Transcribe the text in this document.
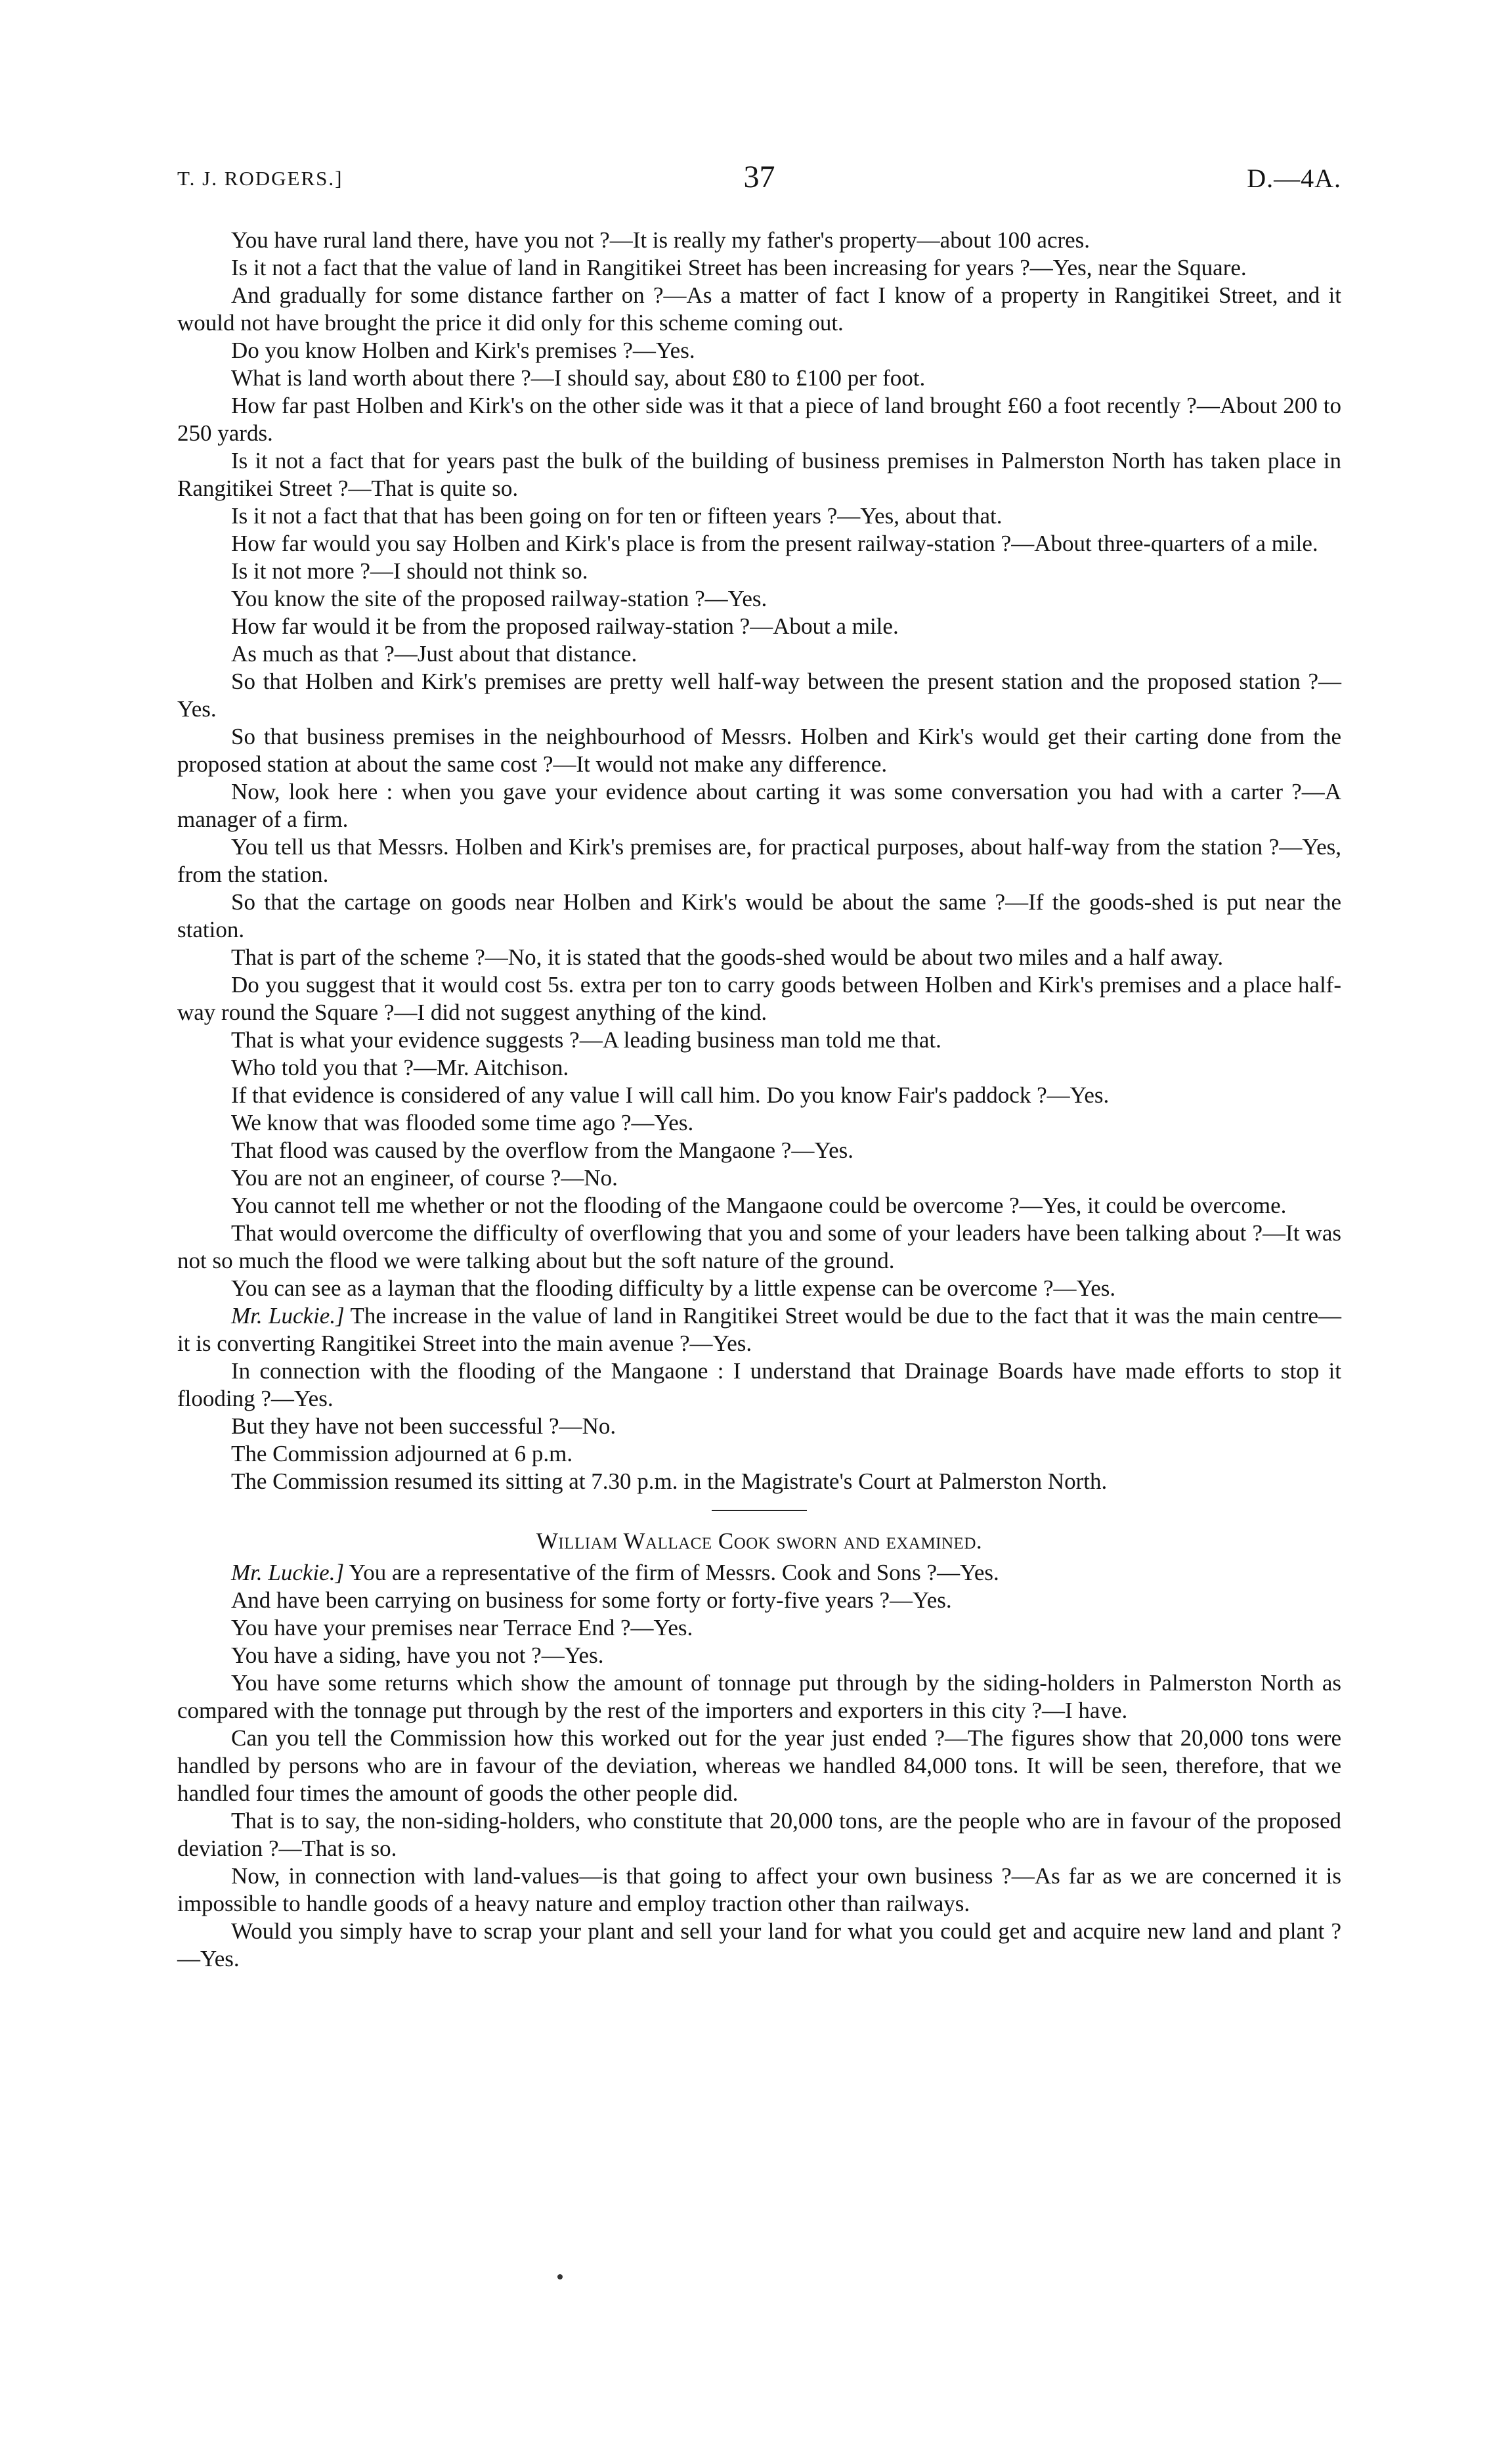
T. J. RODGERS.]	37	D.—4A.

You have rural land there, have you not ?—It is really my father's property—about 100 acres.

Is it not a fact that the value of land in Rangitikei Street has been increasing for years ?—Yes, near the Square.

And gradually for some distance farther on ?—As a matter of fact I know of a property in Rangitikei Street, and it would not have brought the price it did only for this scheme coming out.

Do you know Holben and Kirk's premises ?—Yes.

What is land worth about there ?—I should say, about £80 to £100 per foot.

How far past Holben and Kirk's on the other side was it that a piece of land brought £60 a foot recently ?—About 200 to 250 yards.

Is it not a fact that for years past the bulk of the building of business premises in Palmerston North has taken place in Rangitikei Street ?—That is quite so.

Is it not a fact that that has been going on for ten or fifteen years ?—Yes, about that.

How far would you say Holben and Kirk's place is from the present railway-station ?—About three-quarters of a mile.

Is it not more ?—I should not think so.

You know the site of the proposed railway-station ?—Yes.

How far would it be from the proposed railway-station ?—About a mile.

As much as that ?—Just about that distance.

So that Holben and Kirk's premises are pretty well half-way between the present station and the proposed station ?—Yes.

So that business premises in the neighbourhood of Messrs. Holben and Kirk's would get their carting done from the proposed station at about the same cost ?—It would not make any difference.

Now, look here : when you gave your evidence about carting it was some conversation you had with a carter ?—A manager of a firm.

You tell us that Messrs. Holben and Kirk's premises are, for practical purposes, about half-way from the station ?—Yes, from the station.

So that the cartage on goods near Holben and Kirk's would be about the same ?—If the goods-shed is put near the station.

That is part of the scheme ?—No, it is stated that the goods-shed would be about two miles and a half away.

Do you suggest that it would cost 5s. extra per ton to carry goods between Holben and Kirk's premises and a place half-way round the Square ?—I did not suggest anything of the kind.

That is what your evidence suggests ?—A leading business man told me that.

Who told you that ?—Mr. Aitchison.

If that evidence is considered of any value I will call him. Do you know Fair's paddock ?—Yes.

We know that was flooded some time ago ?—Yes.

That flood was caused by the overflow from the Mangaone ?—Yes.

You are not an engineer, of course ?—No.

You cannot tell me whether or not the flooding of the Mangaone could be overcome ?—Yes, it could be overcome.

That would overcome the difficulty of overflowing that you and some of your leaders have been talking about ?—It was not so much the flood we were talking about but the soft nature of the ground.

You can see as a layman that the flooding difficulty by a little expense can be overcome ?—Yes.

Mr. Luckie.] The increase in the value of land in Rangitikei Street would be due to the fact that it was the main centre—it is converting Rangitikei Street into the main avenue ?—Yes.

In connection with the flooding of the Mangaone : I understand that Drainage Boards have made efforts to stop it flooding ?—Yes.

But they have not been successful ?—No.

The Commission adjourned at 6 p.m.

The Commission resumed its sitting at 7.30 p.m. in the Magistrate's Court at Palmerston North.

William Wallace Cook sworn and examined.

Mr. Luckie.] You are a representative of the firm of Messrs. Cook and Sons ?—Yes.

And have been carrying on business for some forty or forty-five years ?—Yes.

You have your premises near Terrace End ?—Yes.

You have a siding, have you not ?—Yes.

You have some returns which show the amount of tonnage put through by the siding-holders in Palmerston North as compared with the tonnage put through by the rest of the importers and exporters in this city ?—I have.

Can you tell the Commission how this worked out for the year just ended ?—The figures show that 20,000 tons were handled by persons who are in favour of the deviation, whereas we handled 84,000 tons. It will be seen, therefore, that we handled four times the amount of goods the other people did.

That is to say, the non-siding-holders, who constitute that 20,000 tons, are the people who are in favour of the proposed deviation ?—That is so.

Now, in connection with land-values—is that going to affect your own business ?—As far as we are concerned it is impossible to handle goods of a heavy nature and employ traction other than railways.

Would you simply have to scrap your plant and sell your land for what you could get and acquire new land and plant ?—Yes.
